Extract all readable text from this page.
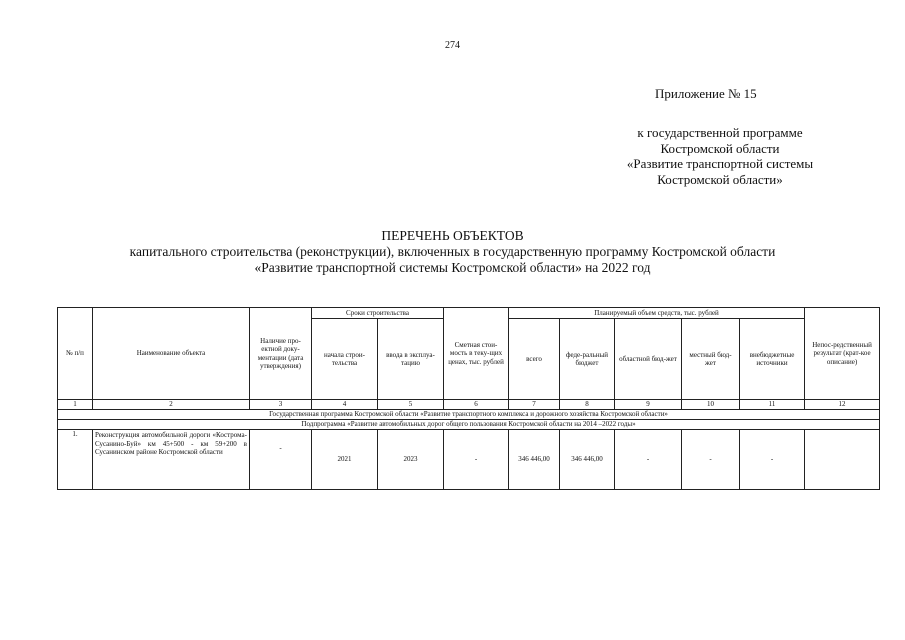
274
Приложение № 15
к государственной программе
Костромской области
«Развитие транспортной системы
Костромской области»
ПЕРЕЧЕНЬ ОБЪЕКТОВ
капитального строительства (реконструкции), включенных в государственную программу Костромской области
«Развитие транспортной системы Костромской области» на 2022 год
№ п/п	Наименование объекта	Наличие про-ектной доку-ментации (дата утверждения)	Сроки строительства		Сметная стои-мость в теку-щих ценах, тыс. рублей	Планируемый объем средств, тыс. рублей					Непос-редственный результат (крат-кое описание)
			начала строи-тельства	ввода в эксплуа-тацию		всего	феде-ральный бюджет	областной бюд-жет	местный бюд-жет	внебюджетные источники	
1	2	3	4	5	6	7	8	9	10	11	12
Государственная программа Костромской области «Развитие транспортного комплекса и дорожного хозяйства Костромской области»											
Подпрограмма «Развитие автомобильных дорог общего пользования Костромской области на 2014 –2022 годы»											
1.	Реконструкция автомобильной дороги «Кострома-Сусанино-Буй» км 45+500 - км 59+200 в Сусанинском районе Костромской области	-	2021	2023	-	346 446,00	346 446,00	-	-	-	
